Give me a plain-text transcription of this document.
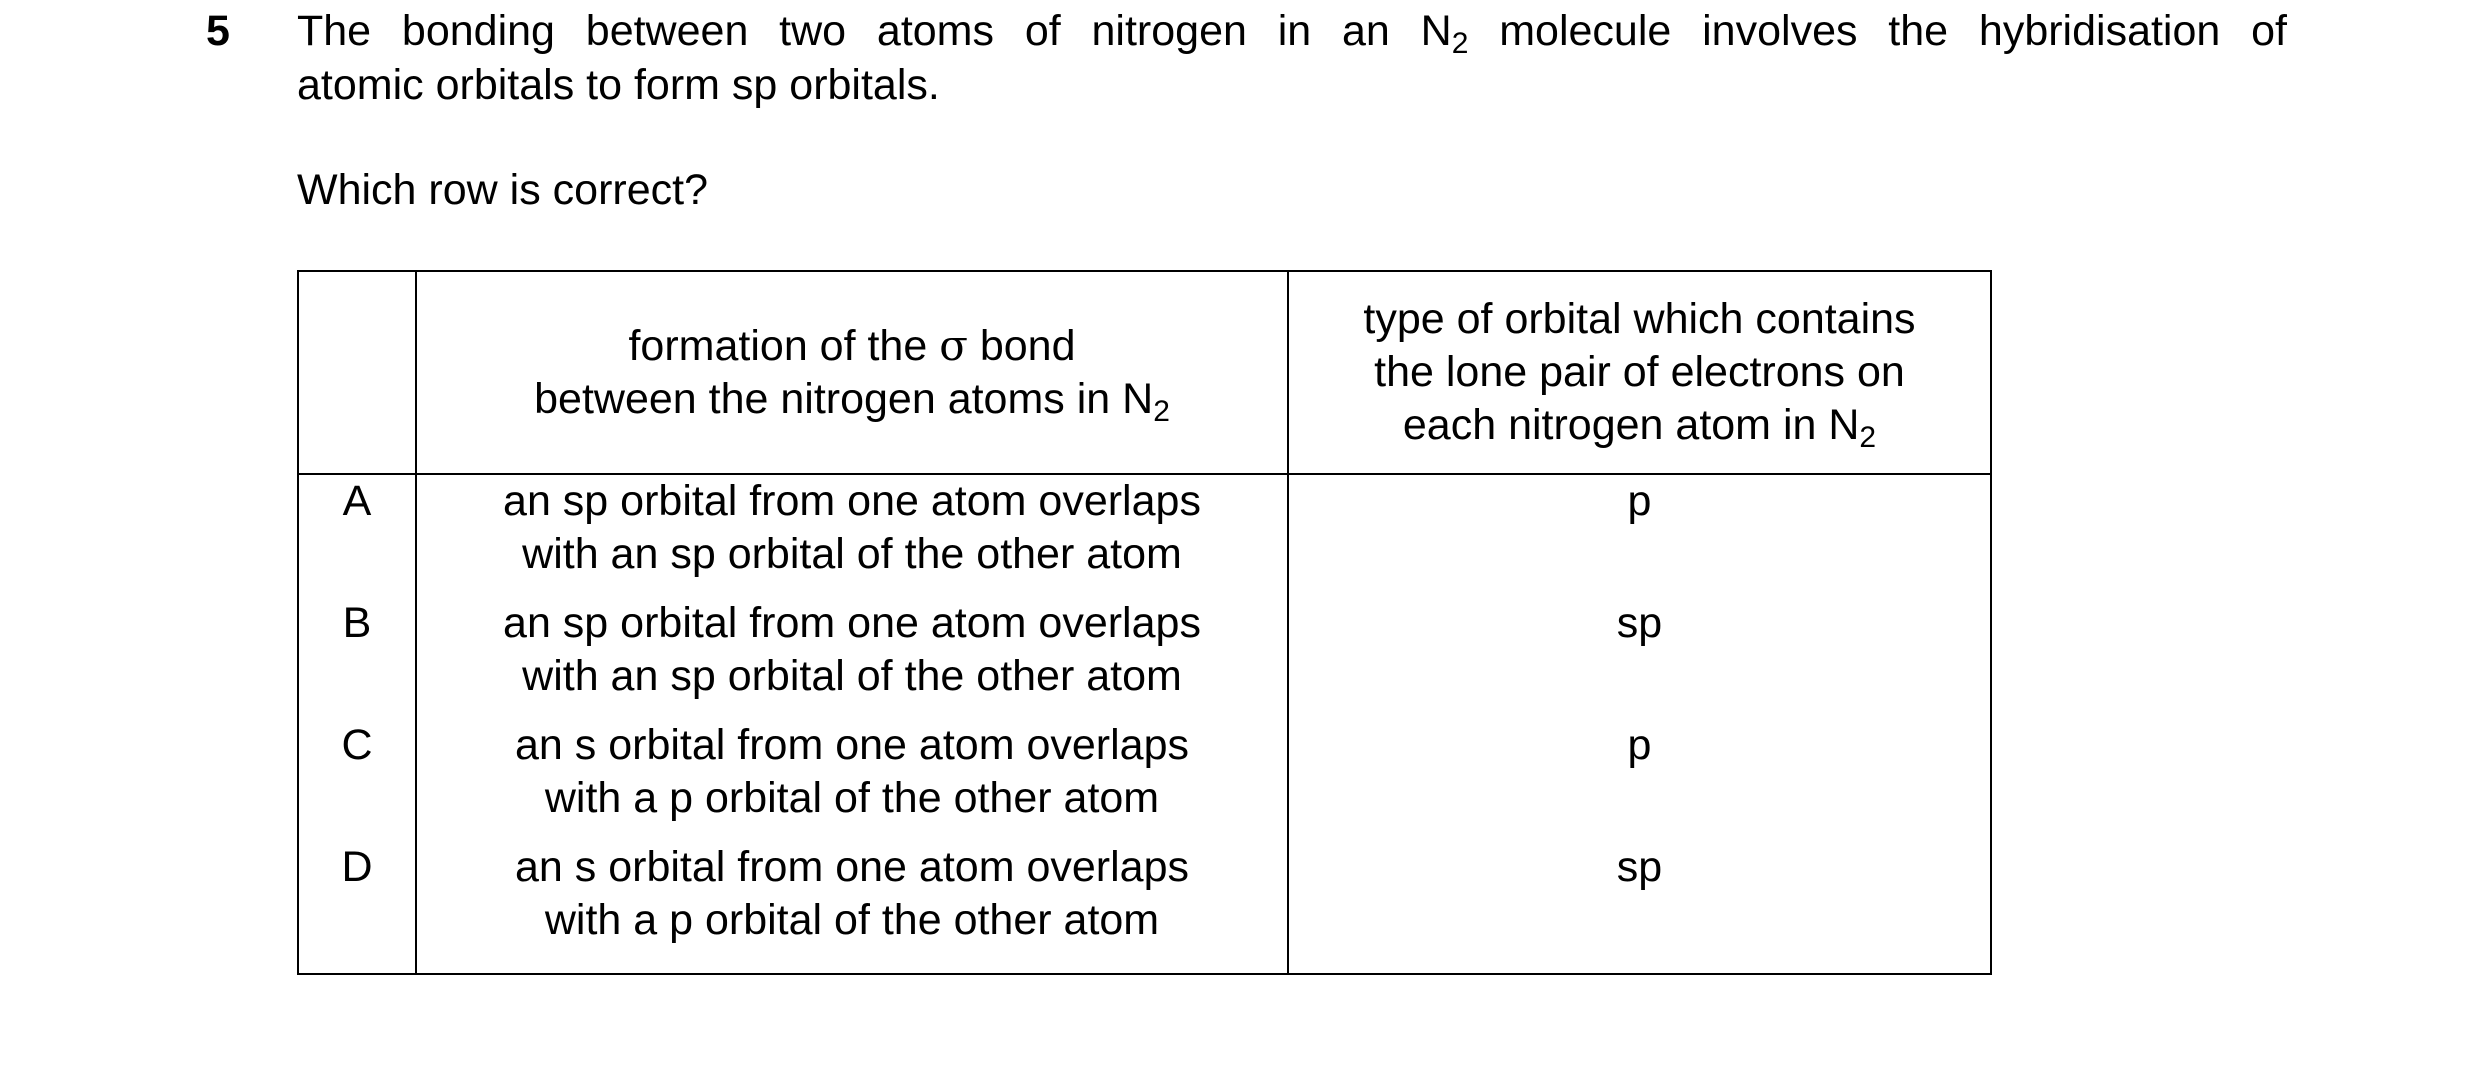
5 The bonding between two atoms of nitrogen in an $N_2$ molecule involves the hybridisation of
atomic orbitals to form sp orbitals.
Which row is correct?
	formation of the σ bond
between the nitrogen atoms in $N_2$	type of orbital which contains
the lone pair of electrons on
each nitrogen atom in $N_2$
A	an sp orbital from one atom overlaps
with an sp orbital of the other atom	p
B	an sp orbital from one atom overlaps
with an sp orbital of the other atom	sp
C	an s orbital from one atom overlaps
with a p orbital of the other atom	p
D	an s orbital from one atom overlaps
with a p orbital of the other atom	sp
